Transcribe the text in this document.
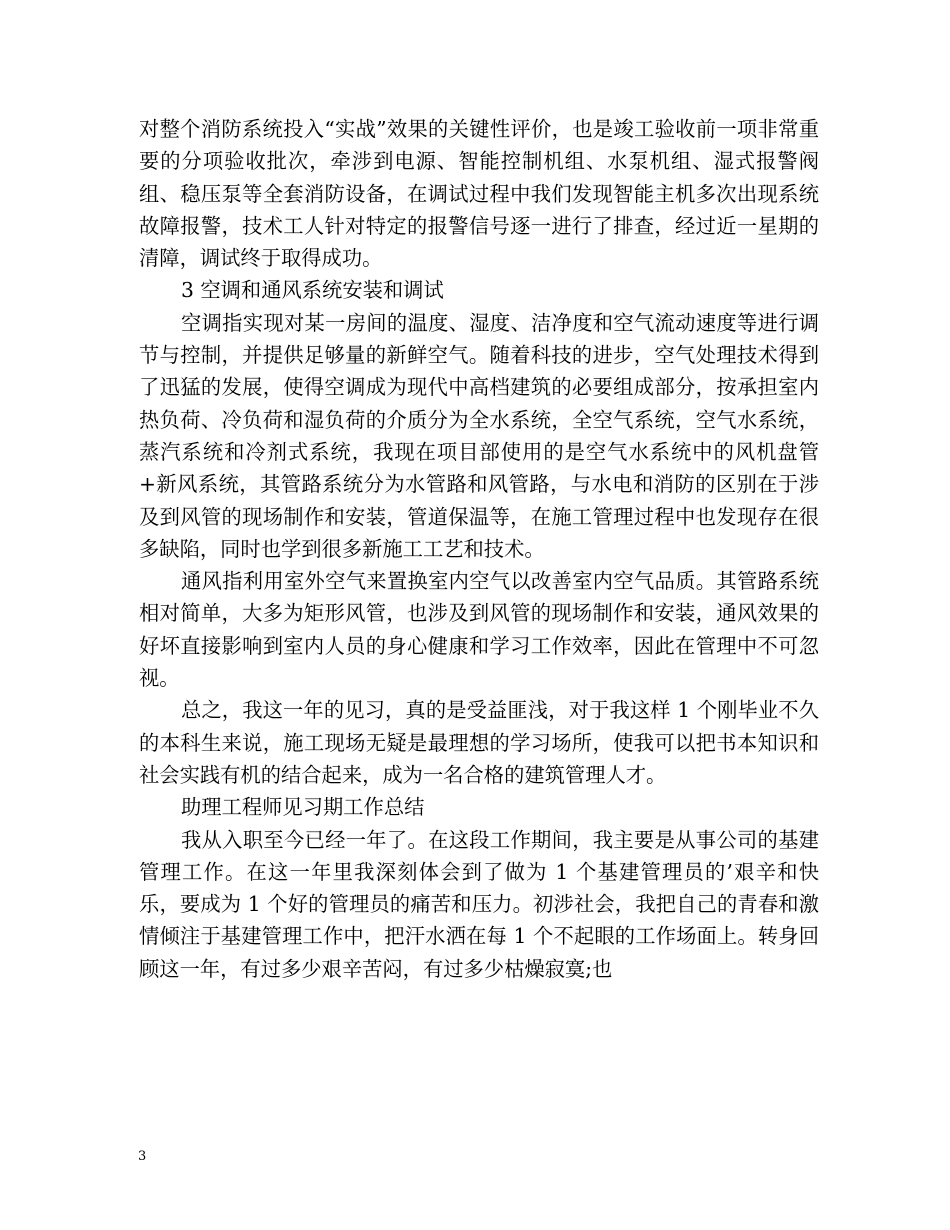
对整个消防系统投入“实战”效果的关键性评价，也是竣工验收前一项非常重要的分项验收批次，牵涉到电源、智能控制机组、水泵机组、湿式报警阀组、稳压泵等全套消防设备，在调试过程中我们发现智能主机多次出现系统故障报警，技术工人针对特定的报警信号逐一进行了排查，经过近一星期的清障，调试终于取得成功。

3 空调和通风系统安装和调试

空调指实现对某一房间的温度、湿度、洁净度和空气流动速度等进行调节与控制，并提供足够量的新鲜空气。随着科技的进步，空气处理技术得到了迅猛的发展，使得空调成为现代中高档建筑的必要组成部分，按承担室内热负荷、冷负荷和湿负荷的介质分为全水系统，全空气系统，空气水系统，蒸汽系统和冷剂式系统，我现在项目部使用的是空气水系统中的风机盘管+新风系统，其管路系统分为水管路和风管路，与水电和消防的区别在于涉及到风管的现场制作和安装，管道保温等，在施工管理过程中也发现存在很多缺陷，同时也学到很多新施工工艺和技术。

通风指利用室外空气来置换室内空气以改善室内空气品质。其管路系统相对简单，大多为矩形风管，也涉及到风管的现场制作和安装，通风效果的好坏直接影响到室内人员的身心健康和学习工作效率，因此在管理中不可忽视。

总之，我这一年的见习，真的是受益匪浅，对于我这样 1 个刚毕业不久的本科生来说，施工现场无疑是最理想的学习场所，使我可以把书本知识和社会实践有机的结合起来，成为一名合格的建筑管理人才。

助理工程师见习期工作总结

我从入职至今已经一年了。在这段工作期间，我主要是从事公司的基建管理工作。在这一年里我深刻体会到了做为 1 个基建管理员的’艰辛和快乐，要成为 1 个好的管理员的痛苦和压力。初涉社会，我把自己的青春和激情倾注于基建管理工作中，把汗水洒在每 1 个不起眼的工作场面上。转身回顾这一年，有过多少艰辛苦闷，有过多少枯燥寂寞;也

3
